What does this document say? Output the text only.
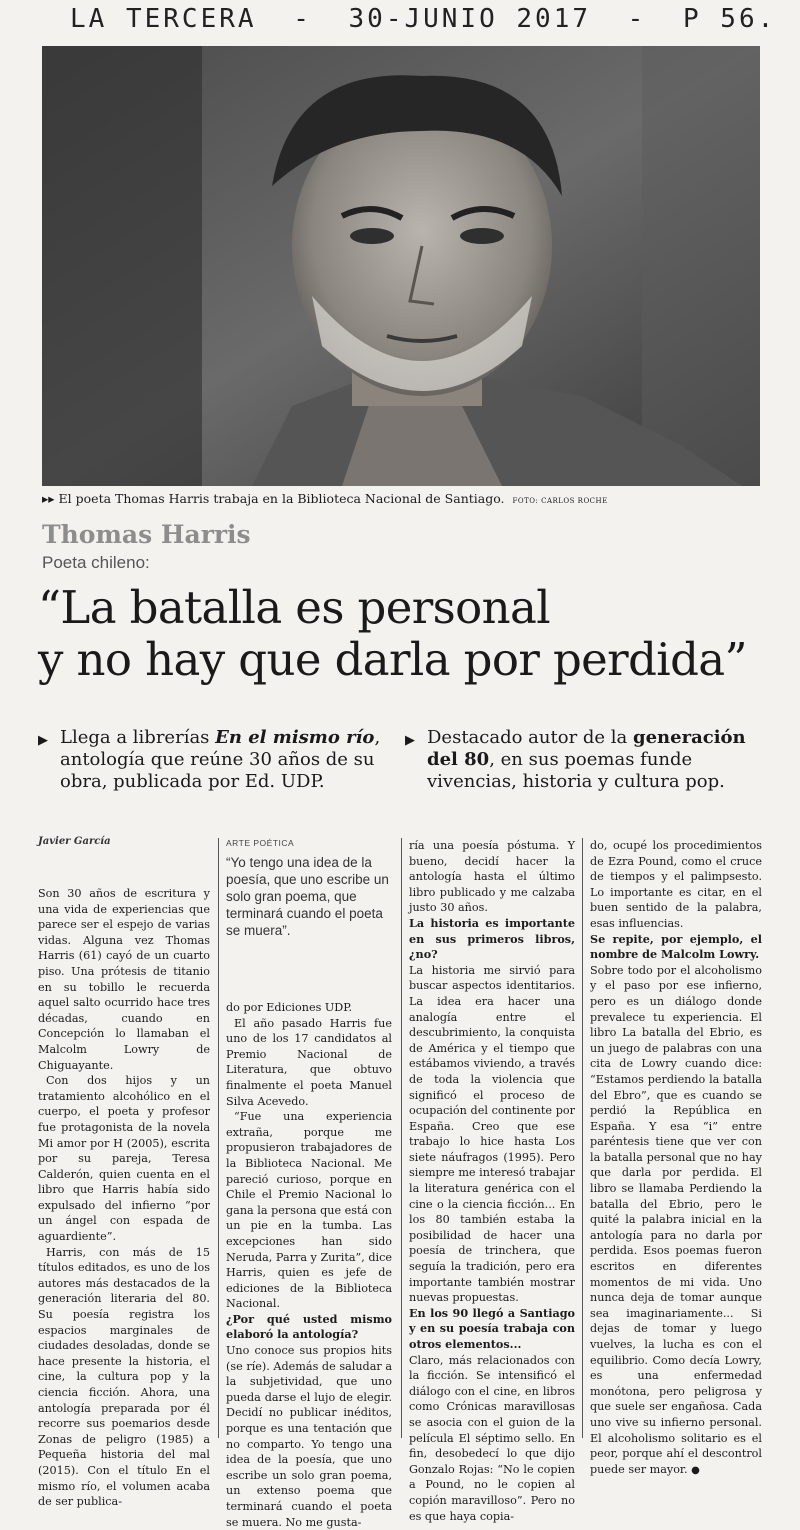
LA TERCERA - 30-JUNIO 2017 - P 56.
▸▸ El poeta Thomas Harris trabaja en la Biblioteca Nacional de Santiago. FOTO: CARLOS ROCHE
Thomas Harris
Poeta chileno:
“La batalla es personal
y no hay que darla por perdida”
▶ Llega a librerías En el mismo río, antología que reúne 30 años de su obra, publicada por Ed. UDP.
▶ Destacado autor de la generación del 80, en sus poemas funde vivencias, historia y cultura pop.
Javier García	ARTE POÉTICA
“Yo tengo una idea de la poesía, que uno escribe un solo gran poema, que terminará cuando el poeta se muera”.

Son 30 años de escritura y una vida de experiencias que parece ser el espejo de varias vidas. Alguna vez Thomas Harris (61) cayó de un cuarto piso. Una prótesis de titanio en su tobillo le recuerda aquel salto ocurrido hace tres décadas, cuando en Concepción lo llamaban el Malcolm Lowry de Chiguayante.

Con dos hijos y un tratamiento alcohólico en el cuerpo, el poeta y profesor fue protagonista de la novela Mi amor por H (2005), escrita por su pareja, Teresa Calderón, quien cuenta en el libro que Harris había sido expulsado del infierno “por un ángel con espada de aguardiente”.

Harris, con más de 15 títulos editados, es uno de los autores más destacados de la generación literaria del 80. Su poesía registra los espacios marginales de ciudades desoladas, donde se hace presente la historia, el cine, la cultura pop y la ciencia ficción. Ahora, una antología preparada por él recorre sus poemarios desde Zonas de peligro (1985) a Pequeña historia del mal (2015). Con el título En el mismo río, el volumen acaba de ser publica-

do por Ediciones UDP.

El año pasado Harris fue uno de los 17 candidatos al Premio Nacional de Literatura, que obtuvo finalmente el poeta Manuel Silva Acevedo.

“Fue una experiencia extraña, porque me propusieron trabajadores de la Biblioteca Nacional. Me pareció curioso, porque en Chile el Premio Nacional lo gana la persona que está con un pie en la tumba. Las excepciones han sido Neruda, Parra y Zurita”, dice Harris, quien es jefe de ediciones de la Biblioteca Nacional.

¿Por qué usted mismo elaboró la antología?

Uno conoce sus propios hits (se ríe). Además de saludar a la subjetividad, que uno pueda darse el lujo de elegir. Decidí no publicar inéditos, porque es una tentación que no comparto. Yo tengo una idea de la poesía, que uno escribe un solo gran poema, un extenso poema que terminará cuando el poeta se muera. No me gusta-

ría una poesía póstuma. Y bueno, decidí hacer la antología hasta el último libro publicado y me calzaba justo 30 años.

La historia es importante en sus primeros libros, ¿no?

La historia me sirvió para buscar aspectos identitarios. La idea era hacer una analogía entre el descubrimiento, la conquista de América y el tiempo que estábamos viviendo, a través de toda la violencia que significó el proceso de ocupación del continente por España. Creo que ese trabajo lo hice hasta Los siete náufragos (1995). Pero siempre me interesó trabajar la literatura genérica con el cine o la ciencia ficción... En los 80 también estaba la posibilidad de hacer una poesía de trinchera, que seguía la tradición, pero era importante también mostrar nuevas propuestas.

En los 90 llegó a Santiago y en su poesía trabaja con otros elementos...

Claro, más relacionados con la ficción. Se intensificó el diálogo con el cine, en libros como Crónicas maravillosas se asocia con el guion de la película El séptimo sello. En fin, desobedecí lo que dijo Gonzalo Rojas: “No le copien a Pound, no le copien al copión maravilloso”. Pero no es que haya copia-

do, ocupé los procedimientos de Ezra Pound, como el cruce de tiempos y el palimpsesto. Lo importante es citar, en el buen sentido de la palabra, esas influencias.

Se repite, por ejemplo, el nombre de Malcolm Lowry.

Sobre todo por el alcoholismo y el paso por ese infierno, pero es un diálogo donde prevalece tu experiencia. El libro La batalla del Ebrio, es un juego de palabras con una cita de Lowry cuando dice: “Estamos perdiendo la batalla del Ebro”, que es cuando se perdió la República en España. Y esa “i” entre paréntesis tiene que ver con la batalla personal que no hay que darla por perdida. El libro se llamaba Perdiendo la batalla del Ebrio, pero le quité la palabra inicial en la antología para no darla por perdida. Esos poemas fueron escritos en diferentes momentos de mi vida. Uno nunca deja de tomar aunque sea imaginariamente... Si dejas de tomar y luego vuelves, la lucha es con el equilibrio. Como decía Lowry, es una enfermedad monótona, pero peligrosa y que suele ser engañosa. Cada uno vive su infierno personal. El alcoholismo solitario es el peor, porque ahí el descontrol puede ser mayor. ●
